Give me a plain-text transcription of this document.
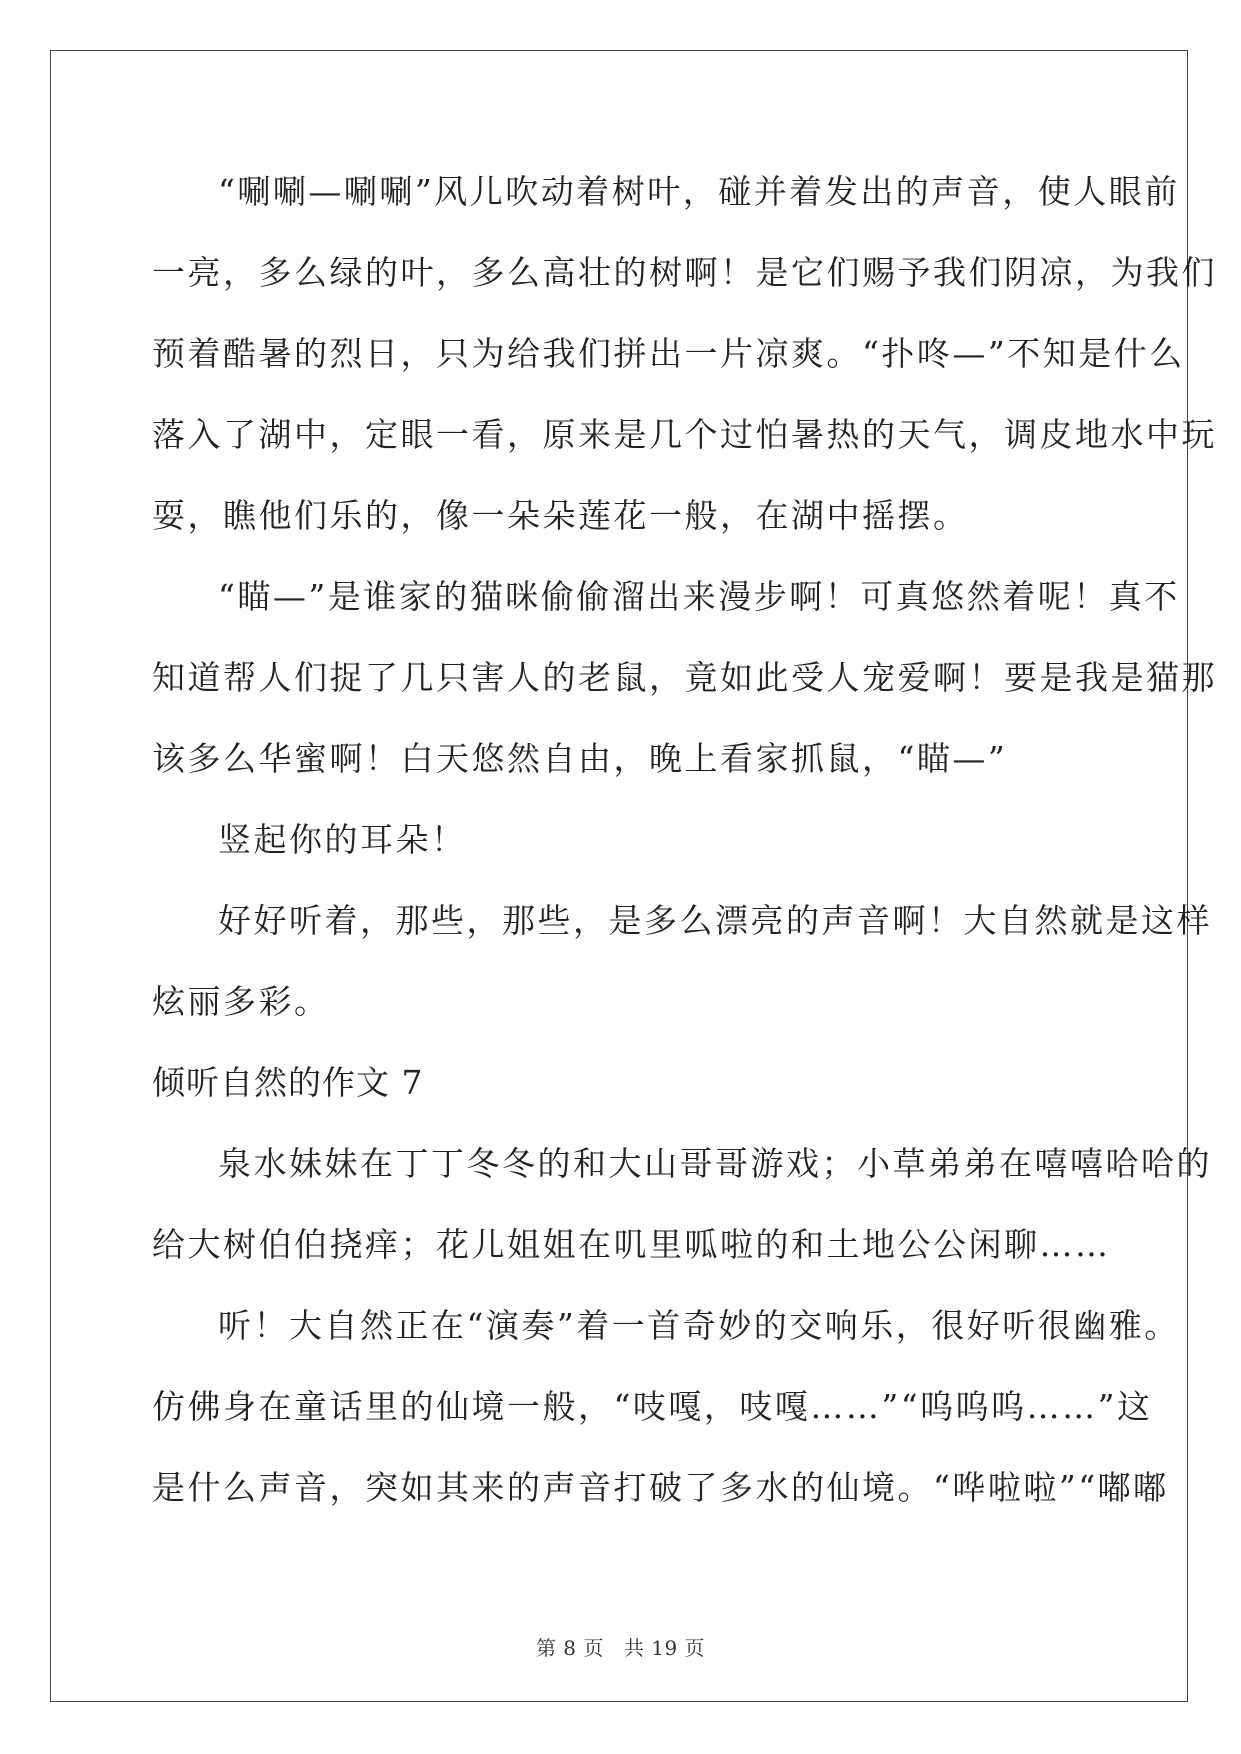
“唰唰—唰唰”风儿吹动着树叶，碰并着发出的声音，使人眼前
一亮，多么绿的叶，多么高壮的树啊！是它们赐予我们阴凉，为我们
预着酷暑的烈日，只为给我们拼出一片凉爽。“扑咚—”不知是什么
落入了湖中，定眼一看，原来是几个过怕暑热的天气，调皮地水中玩
耍，瞧他们乐的，像一朵朵莲花一般，在湖中摇摆。
“瞄—”是谁家的猫咪偷偷溜出来漫步啊！可真悠然着呢！真不
知道帮人们捉了几只害人的老鼠，竟如此受人宠爱啊！要是我是猫那
该多么华蜜啊！白天悠然自由，晚上看家抓鼠，“瞄—”
竖起你的耳朵！
好好听着，那些，那些，是多么漂亮的声音啊！大自然就是这样
炫丽多彩。
倾听自然的作文 7
泉水妹妹在丁丁冬冬的和大山哥哥游戏；小草弟弟在嘻嘻哈哈的
给大树伯伯挠痒；花儿姐姐在叽里呱啦的和土地公公闲聊……
听！大自然正在“演奏”着一首奇妙的交响乐，很好听很幽雅。
仿佛身在童话里的仙境一般，“吱嘎，吱嘎……”“呜呜呜……”这
是什么声音，突如其来的声音打破了多水的仙境。“哗啦啦”“嘟嘟
第 8 页 共 19 页
